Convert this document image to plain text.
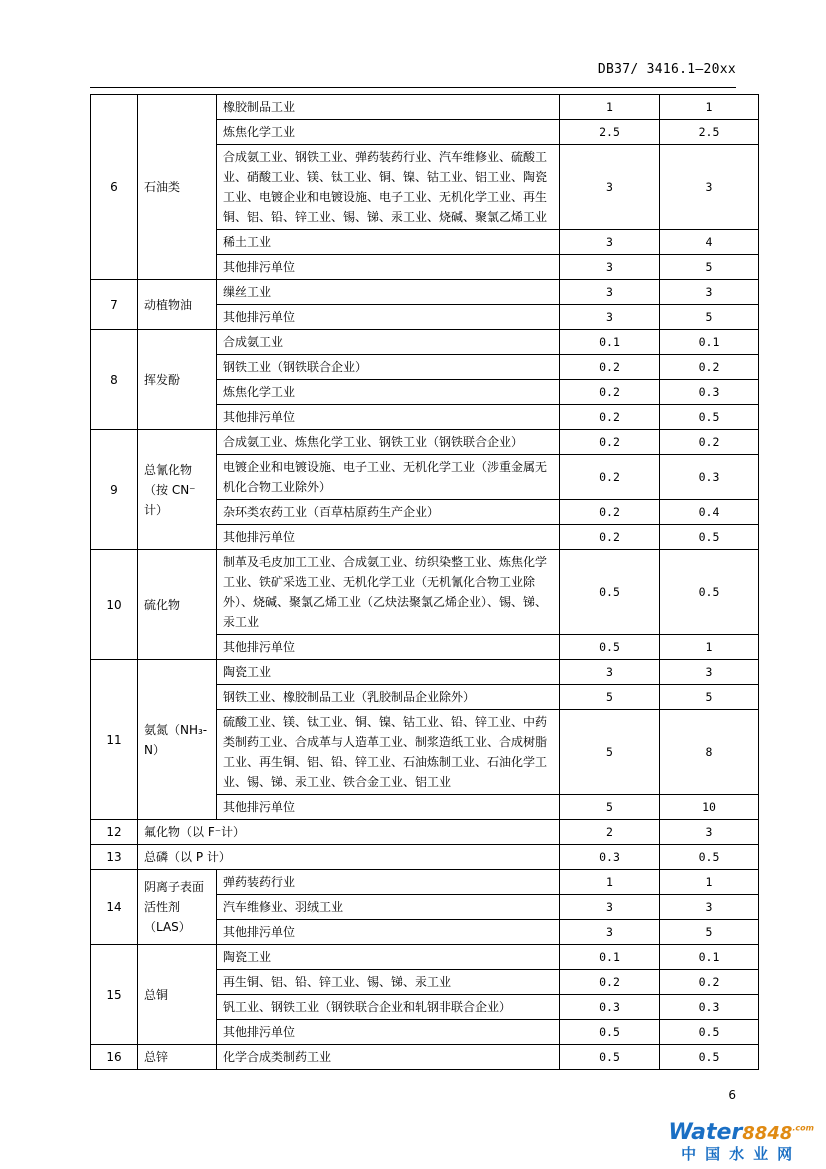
DB37/ 3416.1—20xx
6	石油类	橡胶制品工业	1	1
		炼焦化学工业	2.5	2.5
		合成氨工业、钢铁工业、弹药装药行业、汽车维修业、硫酸工业、硝酸工业、镁、钛工业、铜、镍、钴工业、铝工业、陶瓷工业、电镀企业和电镀设施、电子工业、无机化学工业、再生铜、铝、铅、锌工业、锡、锑、汞工业、烧碱、聚氯乙烯工业	3	3
		稀土工业	3	4
		其他排污单位	3	5
7	动植物油	缫丝工业	3	3
		其他排污单位	3	5
8	挥发酚	合成氨工业	0.1	0.1
		钢铁工业（钢铁联合企业）	0.2	0.2
		炼焦化学工业	0.2	0.3
		其他排污单位	0.2	0.5
9	总氰化物（按 CN⁻计）	合成氨工业、炼焦化学工业、钢铁工业（钢铁联合企业）	0.2	0.2
		电镀企业和电镀设施、电子工业、无机化学工业（涉重金属无机化合物工业除外）	0.2	0.3
		杂环类农药工业（百草枯原药生产企业）	0.2	0.4
		其他排污单位	0.2	0.5
10	硫化物	制革及毛皮加工工业、合成氨工业、纺织染整工业、炼焦化学工业、铁矿采选工业、无机化学工业（无机氰化合物工业除外）、烧碱、聚氯乙烯工业（乙炔法聚氯乙烯企业）、锡、锑、汞工业	0.5	0.5
		其他排污单位	0.5	1
11	氨氮（NH₃-N）	陶瓷工业	3	3
		钢铁工业、橡胶制品工业（乳胶制品企业除外）	5	5
		硫酸工业、镁、钛工业、铜、镍、钴工业、铅、锌工业、中药类制药工业、合成革与人造革工业、制浆造纸工业、合成树脂工业、再生铜、铝、铅、锌工业、石油炼制工业、石油化学工业、锡、锑、汞工业、铁合金工业、铝工业	5	8
		其他排污单位	5	10
12	氟化物（以 F⁻计）		2	3
13	总磷（以 P 计）		0.3	0.5
14	阴离子表面活性剂（LAS）	弹药装药行业	1	1
		汽车维修业、羽绒工业	3	3
		其他排污单位	3	5
15	总铜	陶瓷工业	0.1	0.1
		再生铜、铝、铅、锌工业、锡、锑、汞工业	0.2	0.2
		钒工业、钢铁工业（钢铁联合企业和轧钢非联合企业）	0.3	0.3
		其他排污单位	0.5	0.5
16	总锌	化学合成类制药工业	0.5	0.5
6
$Water8848^{.com}$
中国水业网
